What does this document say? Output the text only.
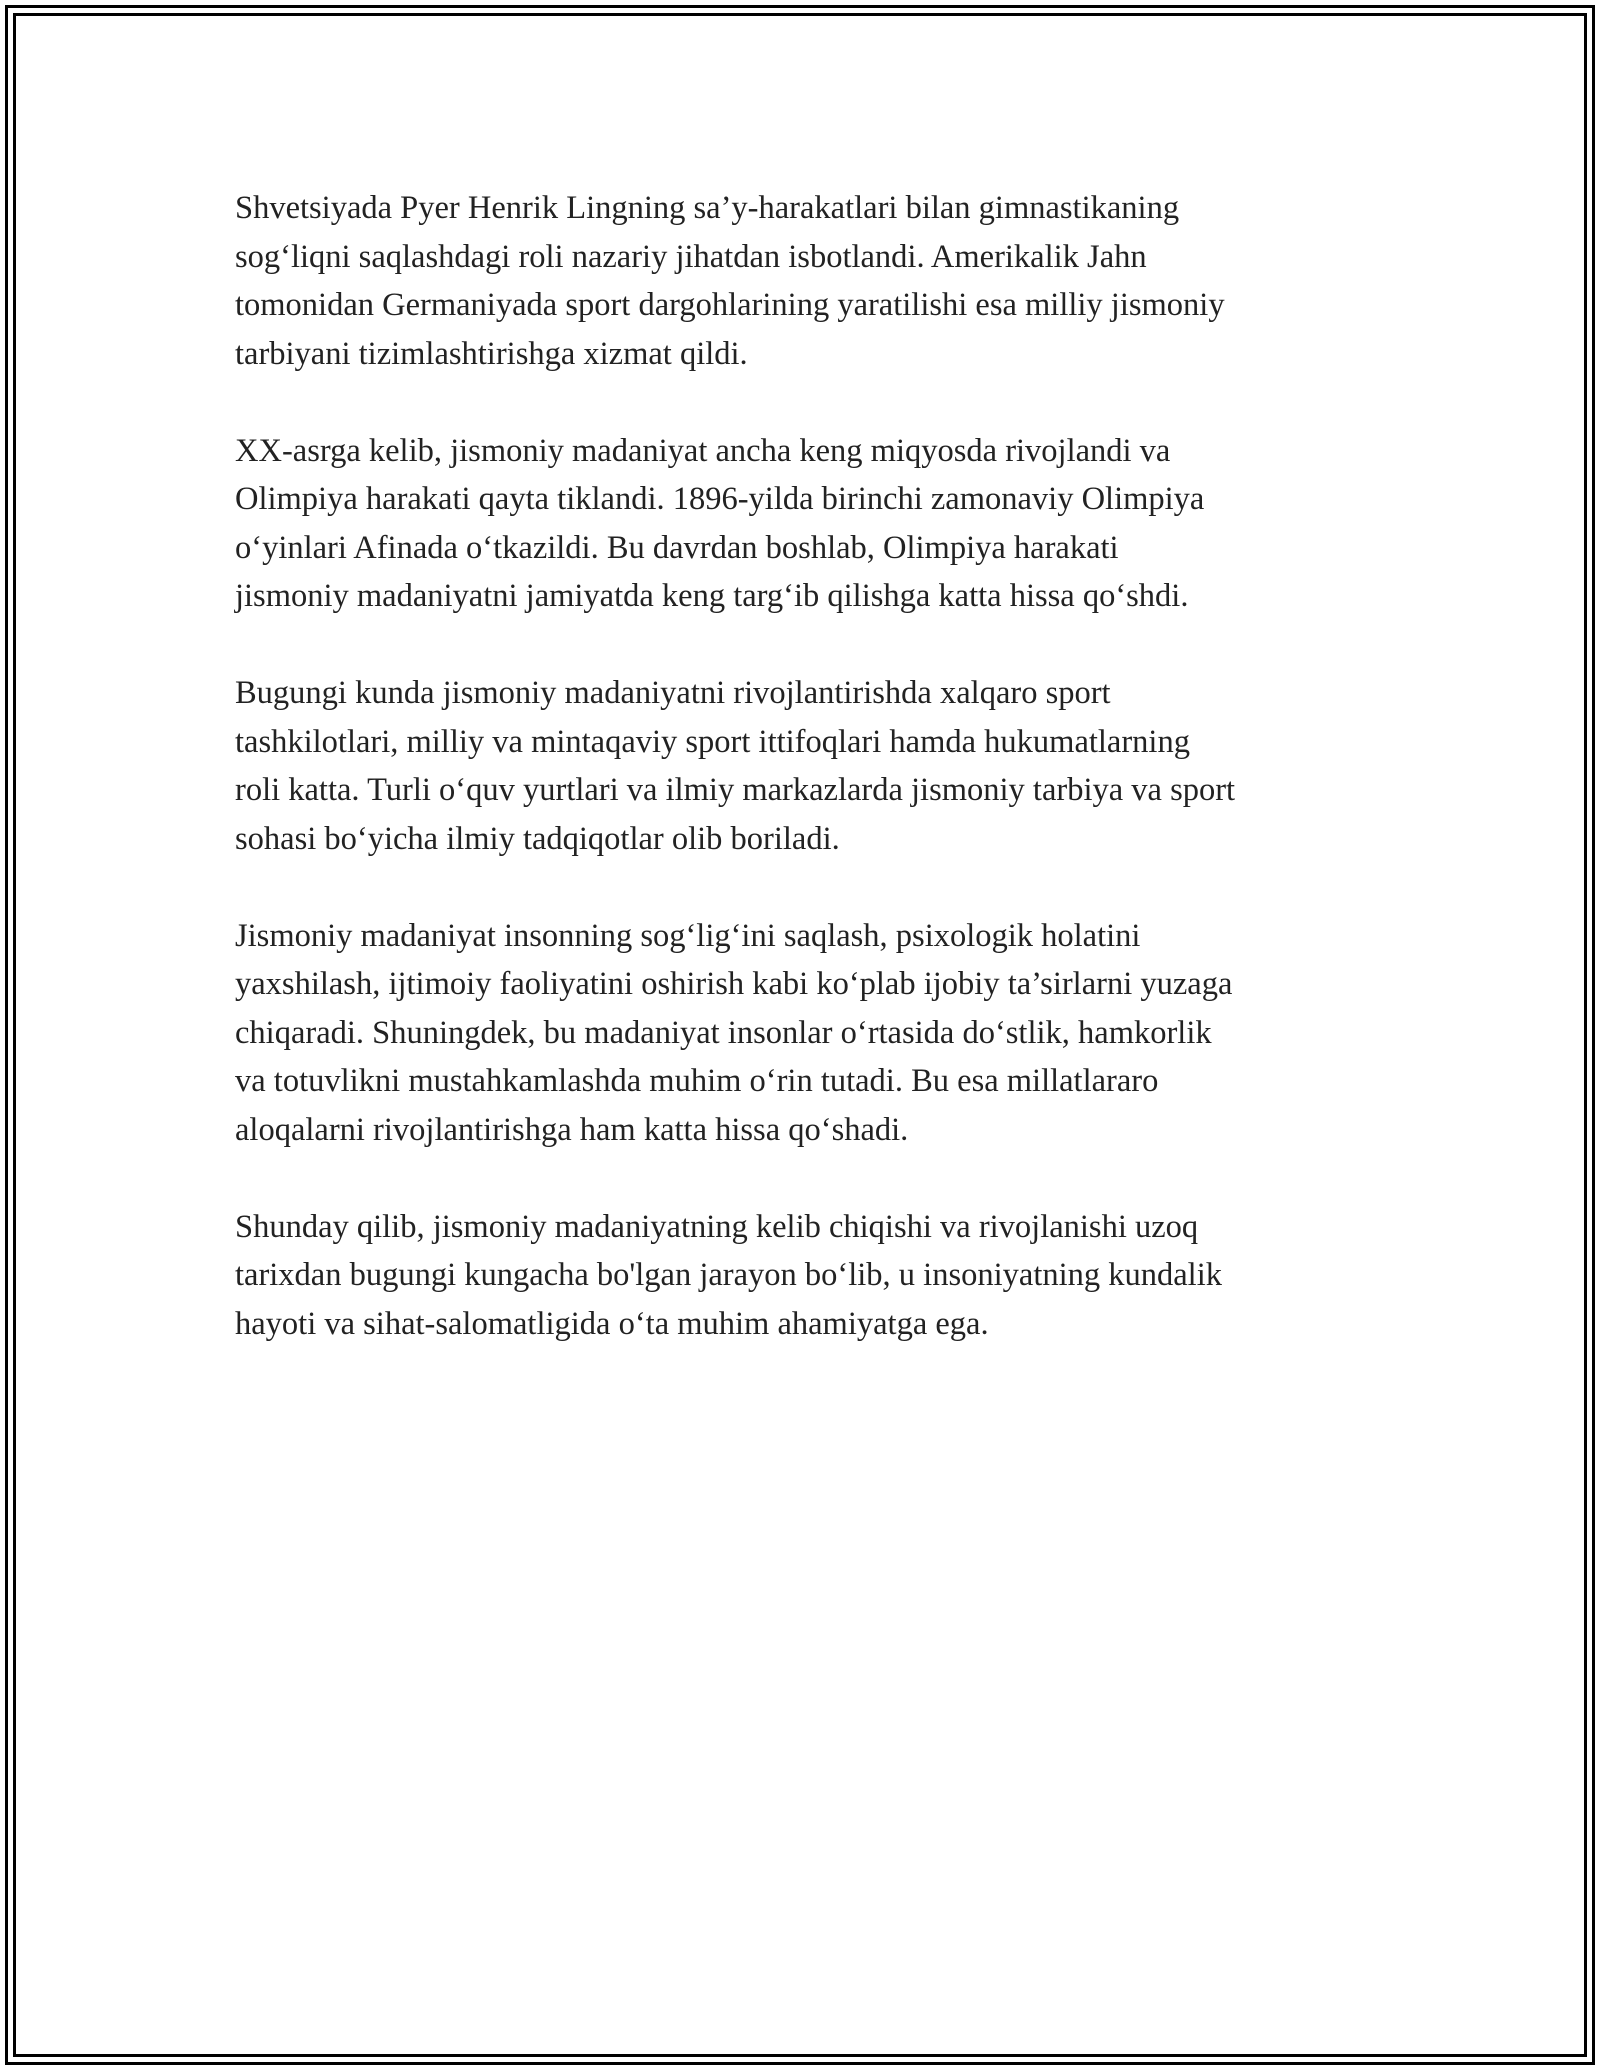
Shvetsiyada Pyer Henrik Lingning sa’y-harakatlari bilan gimnastikaning
sog‘liqni saqlashdagi roli nazariy jihatdan isbotlandi. Amerikalik Jahn
tomonidan Germaniyada sport dargohlarining yaratilishi esa milliy jismoniy
tarbiyani tizimlashtirishga xizmat qildi.

XX-asrga kelib, jismoniy madaniyat ancha keng miqyosda rivojlandi va
Olimpiya harakati qayta tiklandi. 1896-yilda birinchi zamonaviy Olimpiya
o‘yinlari Afinada o‘tkazildi. Bu davrdan boshlab, Olimpiya harakati
jismoniy madaniyatni jamiyatda keng targ‘ib qilishga katta hissa qo‘shdi.

Bugungi kunda jismoniy madaniyatni rivojlantirishda xalqaro sport
tashkilotlari, milliy va mintaqaviy sport ittifoqlari hamda hukumatlarning
roli katta. Turli o‘quv yurtlari va ilmiy markazlarda jismoniy tarbiya va sport
sohasi bo‘yicha ilmiy tadqiqotlar olib boriladi.

Jismoniy madaniyat insonning sog‘lig‘ini saqlash, psixologik holatini
yaxshilash, ijtimoiy faoliyatini oshirish kabi ko‘plab ijobiy ta’sirlarni yuzaga
chiqaradi. Shuningdek, bu madaniyat insonlar o‘rtasida do‘stlik, hamkorlik
va totuvlikni mustahkamlashda muhim o‘rin tutadi. Bu esa millatlararo
aloqalarni rivojlantirishga ham katta hissa qo‘shadi.

Shunday qilib, jismoniy madaniyatning kelib chiqishi va rivojlanishi uzoq
tarixdan bugungi kungacha bo'lgan jarayon bo‘lib, u insoniyatning kundalik
hayoti va sihat-salomatligida o‘ta muhim ahamiyatga ega.
